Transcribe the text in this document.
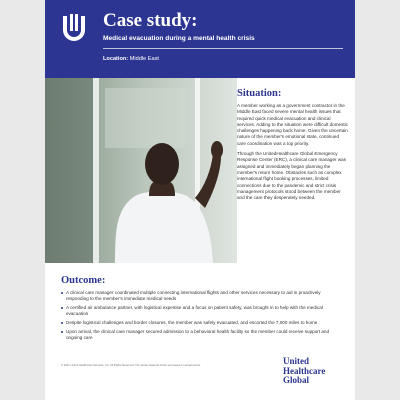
Case study:
Medical evacuation during a mental health crisis
Location: Middle East
Situation:

A member working as a government contractor in the Middle East faced severe mental health issues that required quick medical evacuation and clinical services. Adding to the situation were difficult domestic challenges happening back home. Given the uncertain nature of the member's emotional state, continued care coordination was a top priority.

Through the UnitedHealthcare Global Emergency Response Center (ERC), a clinical care manager was assigned and immediately began planning the member's return home. Obstacles such as complex international flight booking processes, limited connections due to the pandemic and strict crisis management protocols stood between the member and the care they desperately needed.

Outcome:
A clinical care manager coordinated multiple connecting international flights and other services necessary to aid in proactively responding to the member's immediate medical needs
A certified air ambulance partner, with logistical expertise and a focus on patient safety, was brought in to help with the medical evacuation
Despite logistical challenges and border closures, the member was safely evacuated, and escorted the 7,000 miles to home
Upon arrival, the clinical care manager secured admission to a behavioral health facility so the member could receive support and ongoing care
© 2021 United HealthCare Services, Inc. All Rights Reserved. The stories featured herein are based on actual events.	United
Healthcare
Global
